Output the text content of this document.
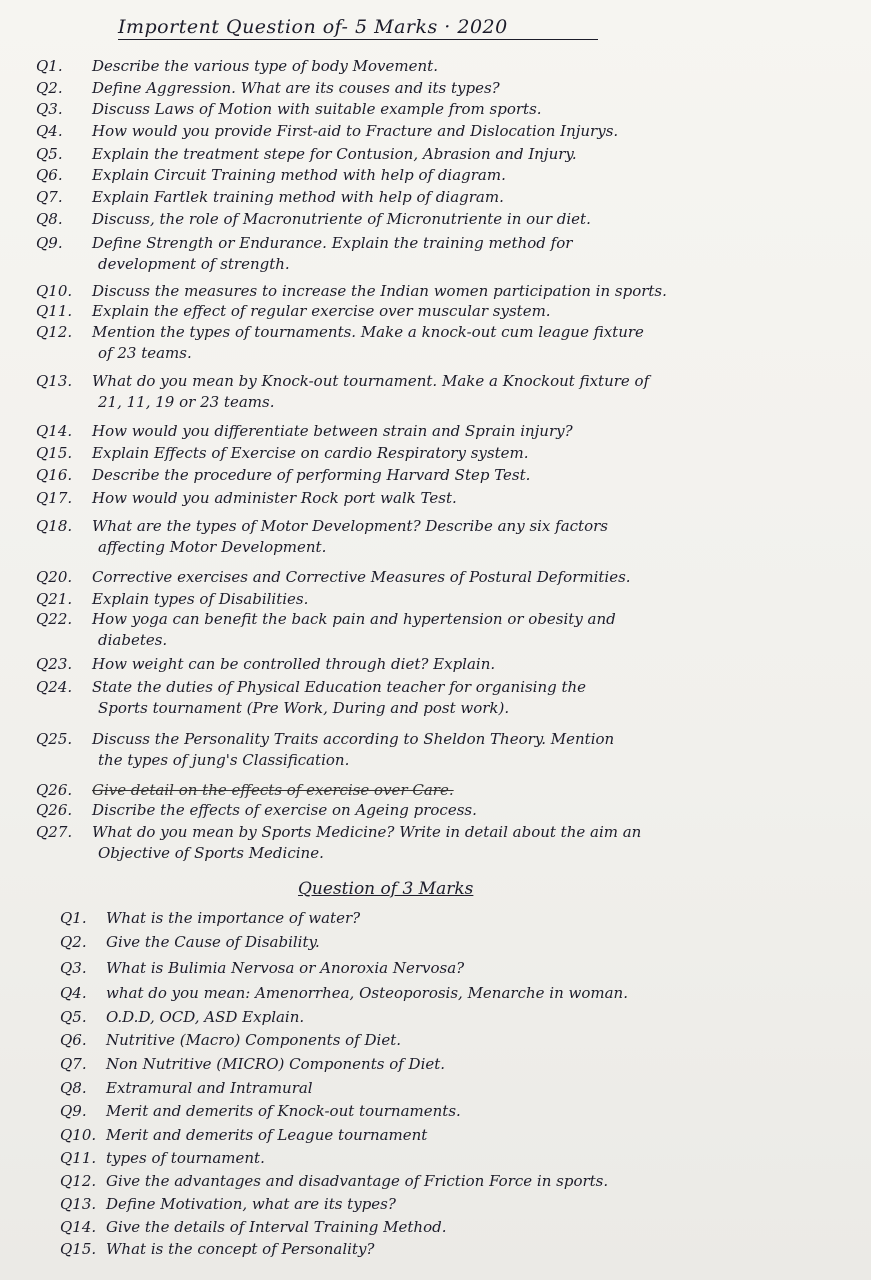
Importent Question of- 5 Marks · 2020
Q1. Describe the various type of body Movement.
Q2. Define Aggression. What are its couses and its types?
Q3. Discuss Laws of Motion with suitable example from sports.
Q4. How would you provide First-aid to Fracture and Dislocation Injurys.
Q5. Explain the treatment stepe for Contusion, Abrasion and Injury.
Q6. Explain Circuit Training method with help of diagram.
Q7. Explain Fartlek training method with help of diagram.
Q8. Discuss, the role of Macronutriente of Micronutriente in our diet.
Q9. Define Strength or Endurance. Explain the training method for
development of strength.
Q10. Discuss the measures to increase the Indian women participation in sports.
Q11. Explain the effect of regular exercise over muscular system.
Q12. Mention the types of tournaments. Make a knock-out cum league fixture
of 23 teams.
Q13. What do you mean by Knock-out tournament. Make a Knockout fixture of
21, 11, 19 or 23 teams.
Q14. How would you differentiate between strain and Sprain injury?
Q15. Explain Effects of Exercise on cardio Respiratory system.
Q16. Describe the procedure of performing Harvard Step Test.
Q17. How would you administer Rock port walk Test.
Q18. What are the types of Motor Development? Describe any six factors
affecting Motor Development.
Q20. Corrective exercises and Corrective Measures of Postural Deformities.
Q21. Explain types of Disabilities.
Q22. How yoga can benefit the back pain and hypertension or obesity and
diabetes.
Q23. How weight can be controlled through diet? Explain.
Q24. State the duties of Physical Education teacher for organising the
Sports tournament (Pre Work, During and post work).
Q25. Discuss the Personality Traits according to Sheldon Theory. Mention
the types of jung's Classification.
Q26. Give detail on the effects of exercise over Care.
Q26. Discribe the effects of exercise on Ageing process.
Q27. What do you mean by Sports Medicine? Write in detail about the aim an
Objective of Sports Medicine.
Question of 3 Marks
Q1. What is the importance of water?
Q2. Give the Cause of Disability.
Q3. What is Bulimia Nervosa or Anoroxia Nervosa?
Q4. what do you mean: Amenorrhea, Osteoporosis, Menarche in woman.
Q5. O.D.D, OCD, ASD Explain.
Q6. Nutritive (Macro) Components of Diet.
Q7. Non Nutritive (MICRO) Components of Diet.
Q8. Extramural and Intramural
Q9. Merit and demerits of Knock-out tournaments.
Q10. Merit and demerits of League tournament
Q11. types of tournament.
Q12. Give the advantages and disadvantage of Friction Force in sports.
Q13. Define Motivation, what are its types?
Q14. Give the details of Interval Training Method.
Q15. What is the concept of Personality?
